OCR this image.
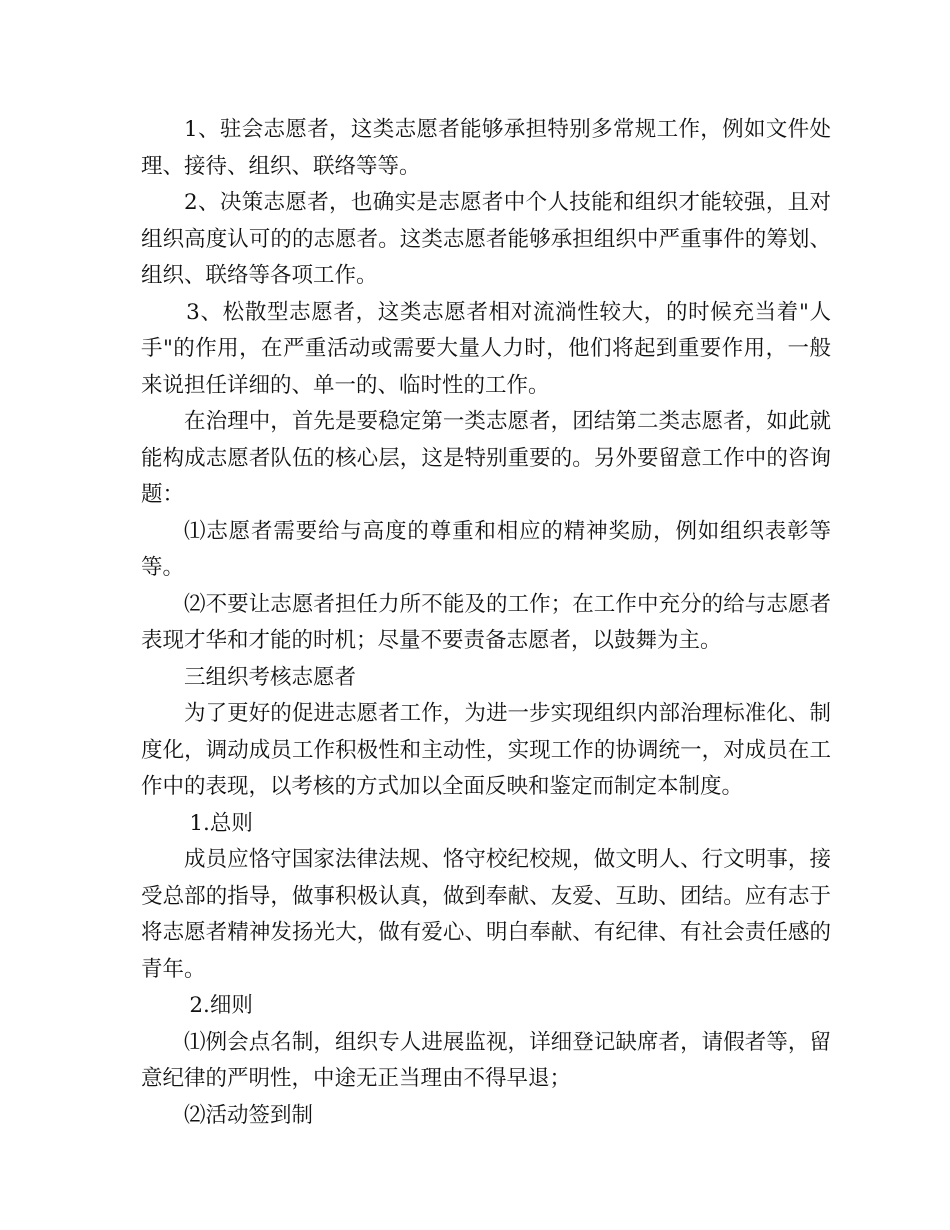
1、驻会志愿者，这类志愿者能够承担特别多常规工作，例如文件处理、接待、组织、联络等等。

2、决策志愿者，也确实是志愿者中个人技能和组织才能较强，且对组织高度认可的的志愿者。这类志愿者能够承担组织中严重事件的筹划、组织、联络等各项工作。

3、松散型志愿者，这类志愿者相对流淌性较大，的时候充当着"人手"的作用，在严重活动或需要大量人力时，他们将起到重要作用，一般来说担任详细的、单一的、临时性的工作。

在治理中，首先是要稳定第一类志愿者，团结第二类志愿者，如此就能构成志愿者队伍的核心层，这是特别重要的。另外要留意工作中的咨询题：

⑴志愿者需要给与高度的尊重和相应的精神奖励，例如组织表彰等等。

⑵不要让志愿者担任力所不能及的工作；在工作中充分的给与志愿者表现才华和才能的时机；尽量不要责备志愿者，以鼓舞为主。

三组织考核志愿者

为了更好的促进志愿者工作，为进一步实现组织内部治理标准化、制度化，调动成员工作积极性和主动性，实现工作的协调统一，对成员在工作中的表现，以考核的方式加以全面反映和鉴定而制定本制度。

1.总则

成员应恪守国家法律法规、恪守校纪校规，做文明人、行文明事，接受总部的指导，做事积极认真，做到奉献、友爱、互助、团结。应有志于将志愿者精神发扬光大，做有爱心、明白奉献、有纪律、有社会责任感的青年。

2.细则

⑴例会点名制，组织专人进展监视，详细登记缺席者，请假者等，留意纪律的严明性，中途无正当理由不得早退；

⑵活动签到制
